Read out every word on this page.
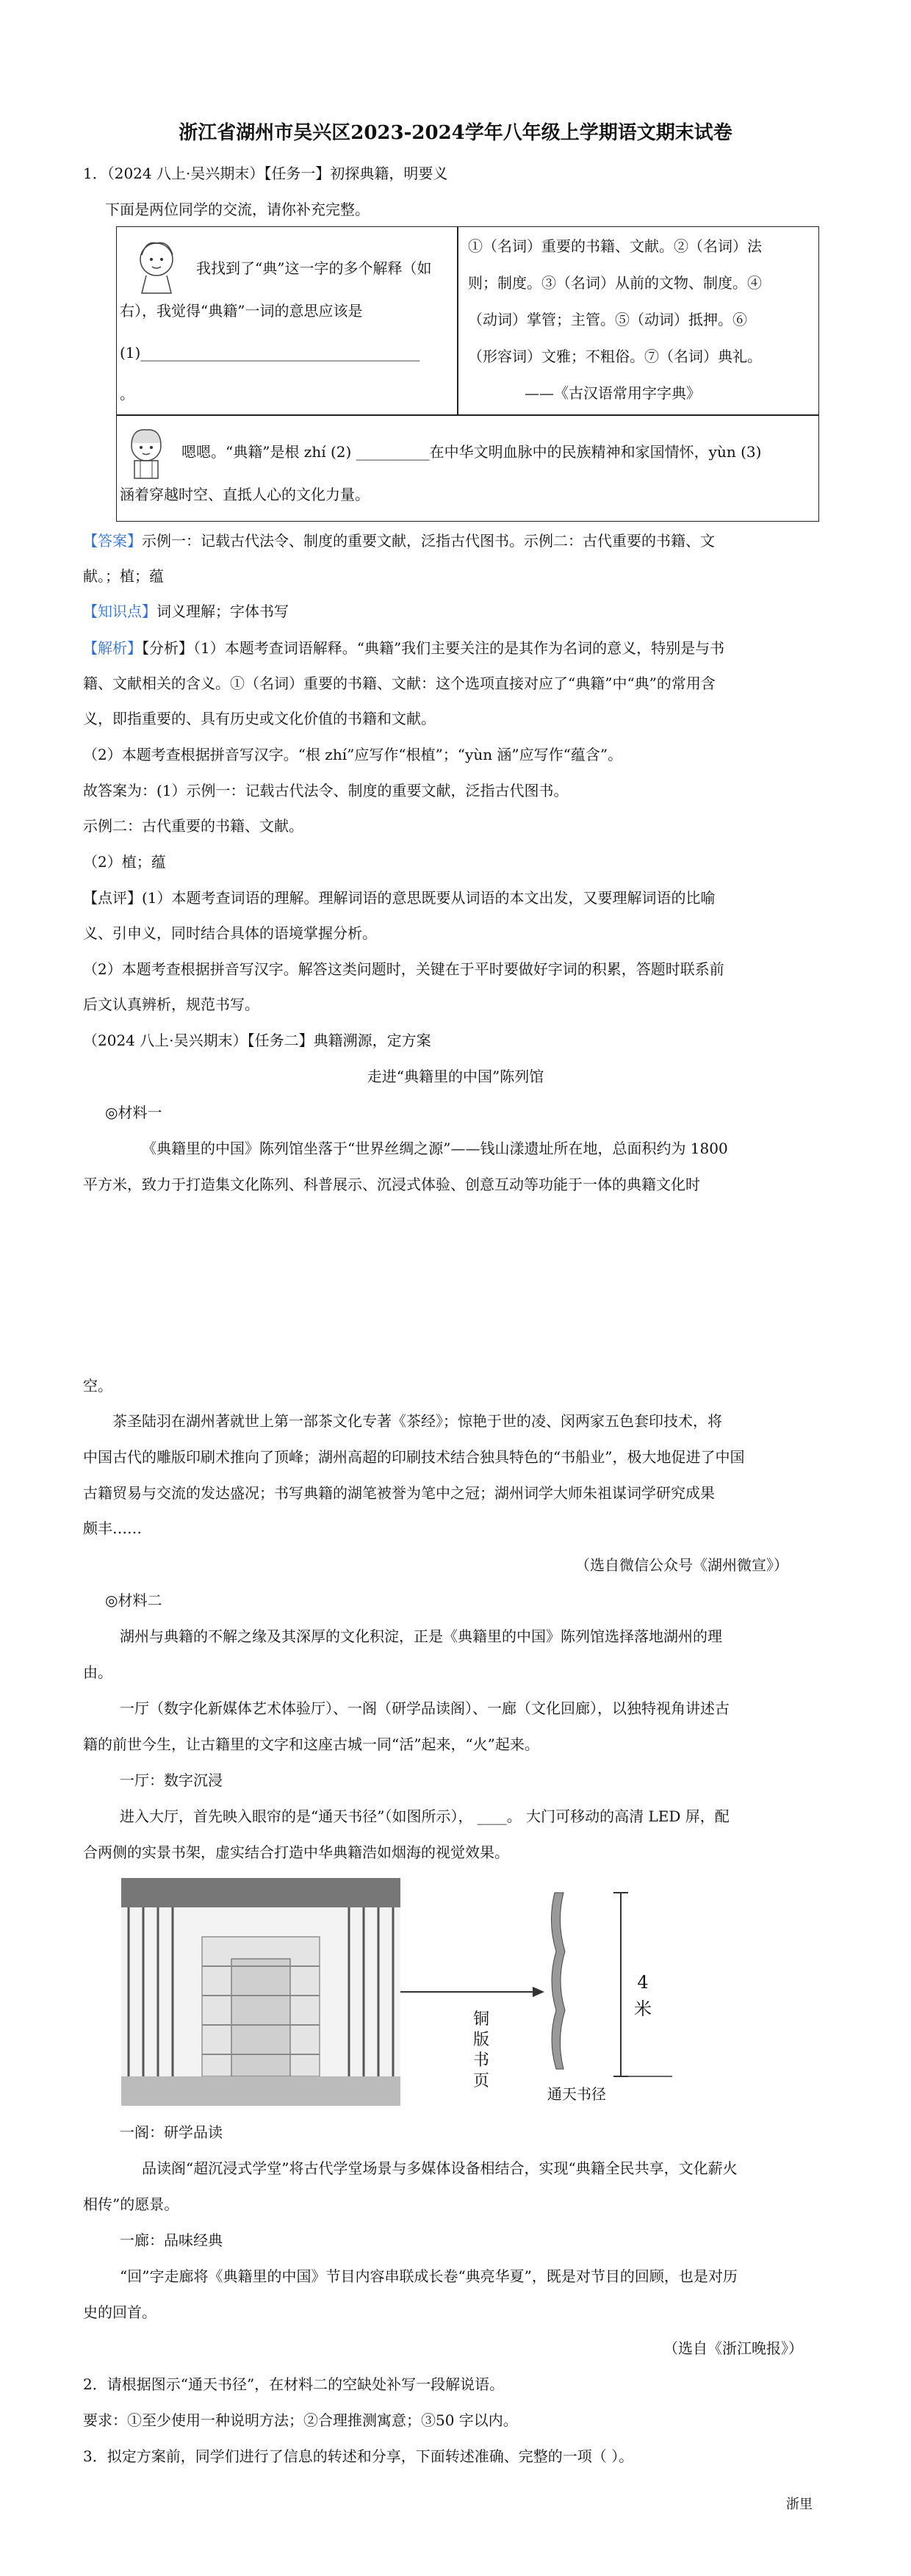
浙江省湖州市吴兴区2023-2024学年八年级上学期语文期末试卷
1．（2024 八上·吴兴期末）【任务一】初探典籍，明要义
下面是两位同学的交流，请你补充完整。
我找到了“典”这一字的多个解释（如
右），我觉得“典籍”一词的意思应该是
(1)______________________________________
。
①（名词）重要的书籍、文献。②（名词）法
则；制度。③（名词）从前的文物、制度。④
（动词）掌管；主管。⑤（动词）抵押。⑥
（形容词）文雅；不粗俗。⑦（名词）典礼。
——《古汉语常用字字典》
嗯嗯。“典籍”是根 zhí (2) __________在中华文明血脉中的民族精神和家国情怀，yùn (3)
涵着穿越时空、直抵人心的文化力量。
【答案】示例一：记载古代法令、制度的重要文献，泛指古代图书。示例二：古代重要的书籍、文
献。；植；蕴
【知识点】词义理解；字体书写
【解析】【分析】（1）本题考查词语解释。“典籍”我们主要关注的是其作为名词的意义，特别是与书
籍、文献相关的含义。①（名词）重要的书籍、文献：这个选项直接对应了“典籍”中“典”的常用含
义，即指重要的、具有历史或文化价值的书籍和文献。
（2）本题考查根据拼音写汉字。“根 zhí”应写作“根植”；“yùn 涵”应写作“蕴含”。
故答案为：(1）示例一：记载古代法令、制度的重要文献，泛指古代图书。
示例二：古代重要的书籍、文献。
（2）植；蕴
【点评】(1）本题考查词语的理解。理解词语的意思既要从词语的本文出发，又要理解词语的比喻
义、引申义，同时结合具体的语境掌握分析。
（2）本题考查根据拼音写汉字。解答这类问题时，关键在于平时要做好字词的积累，答题时联系前
后文认真辨析，规范书写。
（2024 八上·吴兴期末）【任务二】典籍溯源，定方案
走进“典籍里的中国”陈列馆
◎材料一
《典籍里的中国》陈列馆坐落于“世界丝绸之源”——钱山漾遗址所在地，总面积约为 1800
平方米，致力于打造集文化陈列、科普展示、沉浸式体验、创意互动等功能于一体的典籍文化时
空。
茶圣陆羽在湖州著就世上第一部茶文化专著《茶经》；惊艳于世的凌、闵两家五色套印技术，将
中国古代的雕版印刷术推向了顶峰；湖州高超的印刷技术结合独具特色的“书船业”，极大地促进了中国
古籍贸易与交流的发达盛况；书写典籍的湖笔被誉为笔中之冠；湖州词学大师朱祖谋词学研究成果
颇丰……
（选自微信公众号《湖州微宣》）
◎材料二
湖州与典籍的不解之缘及其深厚的文化积淀，正是《典籍里的中国》陈列馆选择落地湖州的理
由。
一厅（数字化新媒体艺术体验厅）、一阁（研学品读阁）、一廊（文化回廊），以独特视角讲述古
籍的前世今生，让古籍里的文字和这座古城一同“活”起来，“火”起来。
一厅：数字沉浸
进入大厅，首先映入眼帘的是“通天书径”（如图所示）， ____。 大门可移动的高清 LED 屏，配
合两侧的实景书架，虚实结合打造中华典籍浩如烟海的视觉效果。
铜
版
书
页
4
米
通天书径
一阁：研学品读
品读阁“超沉浸式学堂”将古代学堂场景与多媒体设备相结合，实现“典籍全民共享，文化薪火
相传”的愿景。
一廊：品味经典
“回”字走廊将《典籍里的中国》节目内容串联成长卷“典亮华夏”，既是对节目的回顾，也是对历
史的回首。
（选自《浙江晚报》）
2．请根据图示“通天书径”，在材料二的空缺处补写一段解说语。
要求：①至少使用一种说明方法；②合理推测寓意；③50 字以内。
3．拟定方案前，同学们进行了信息的转述和分享，下面转述准确、完整的一项（ ）。
浙里
